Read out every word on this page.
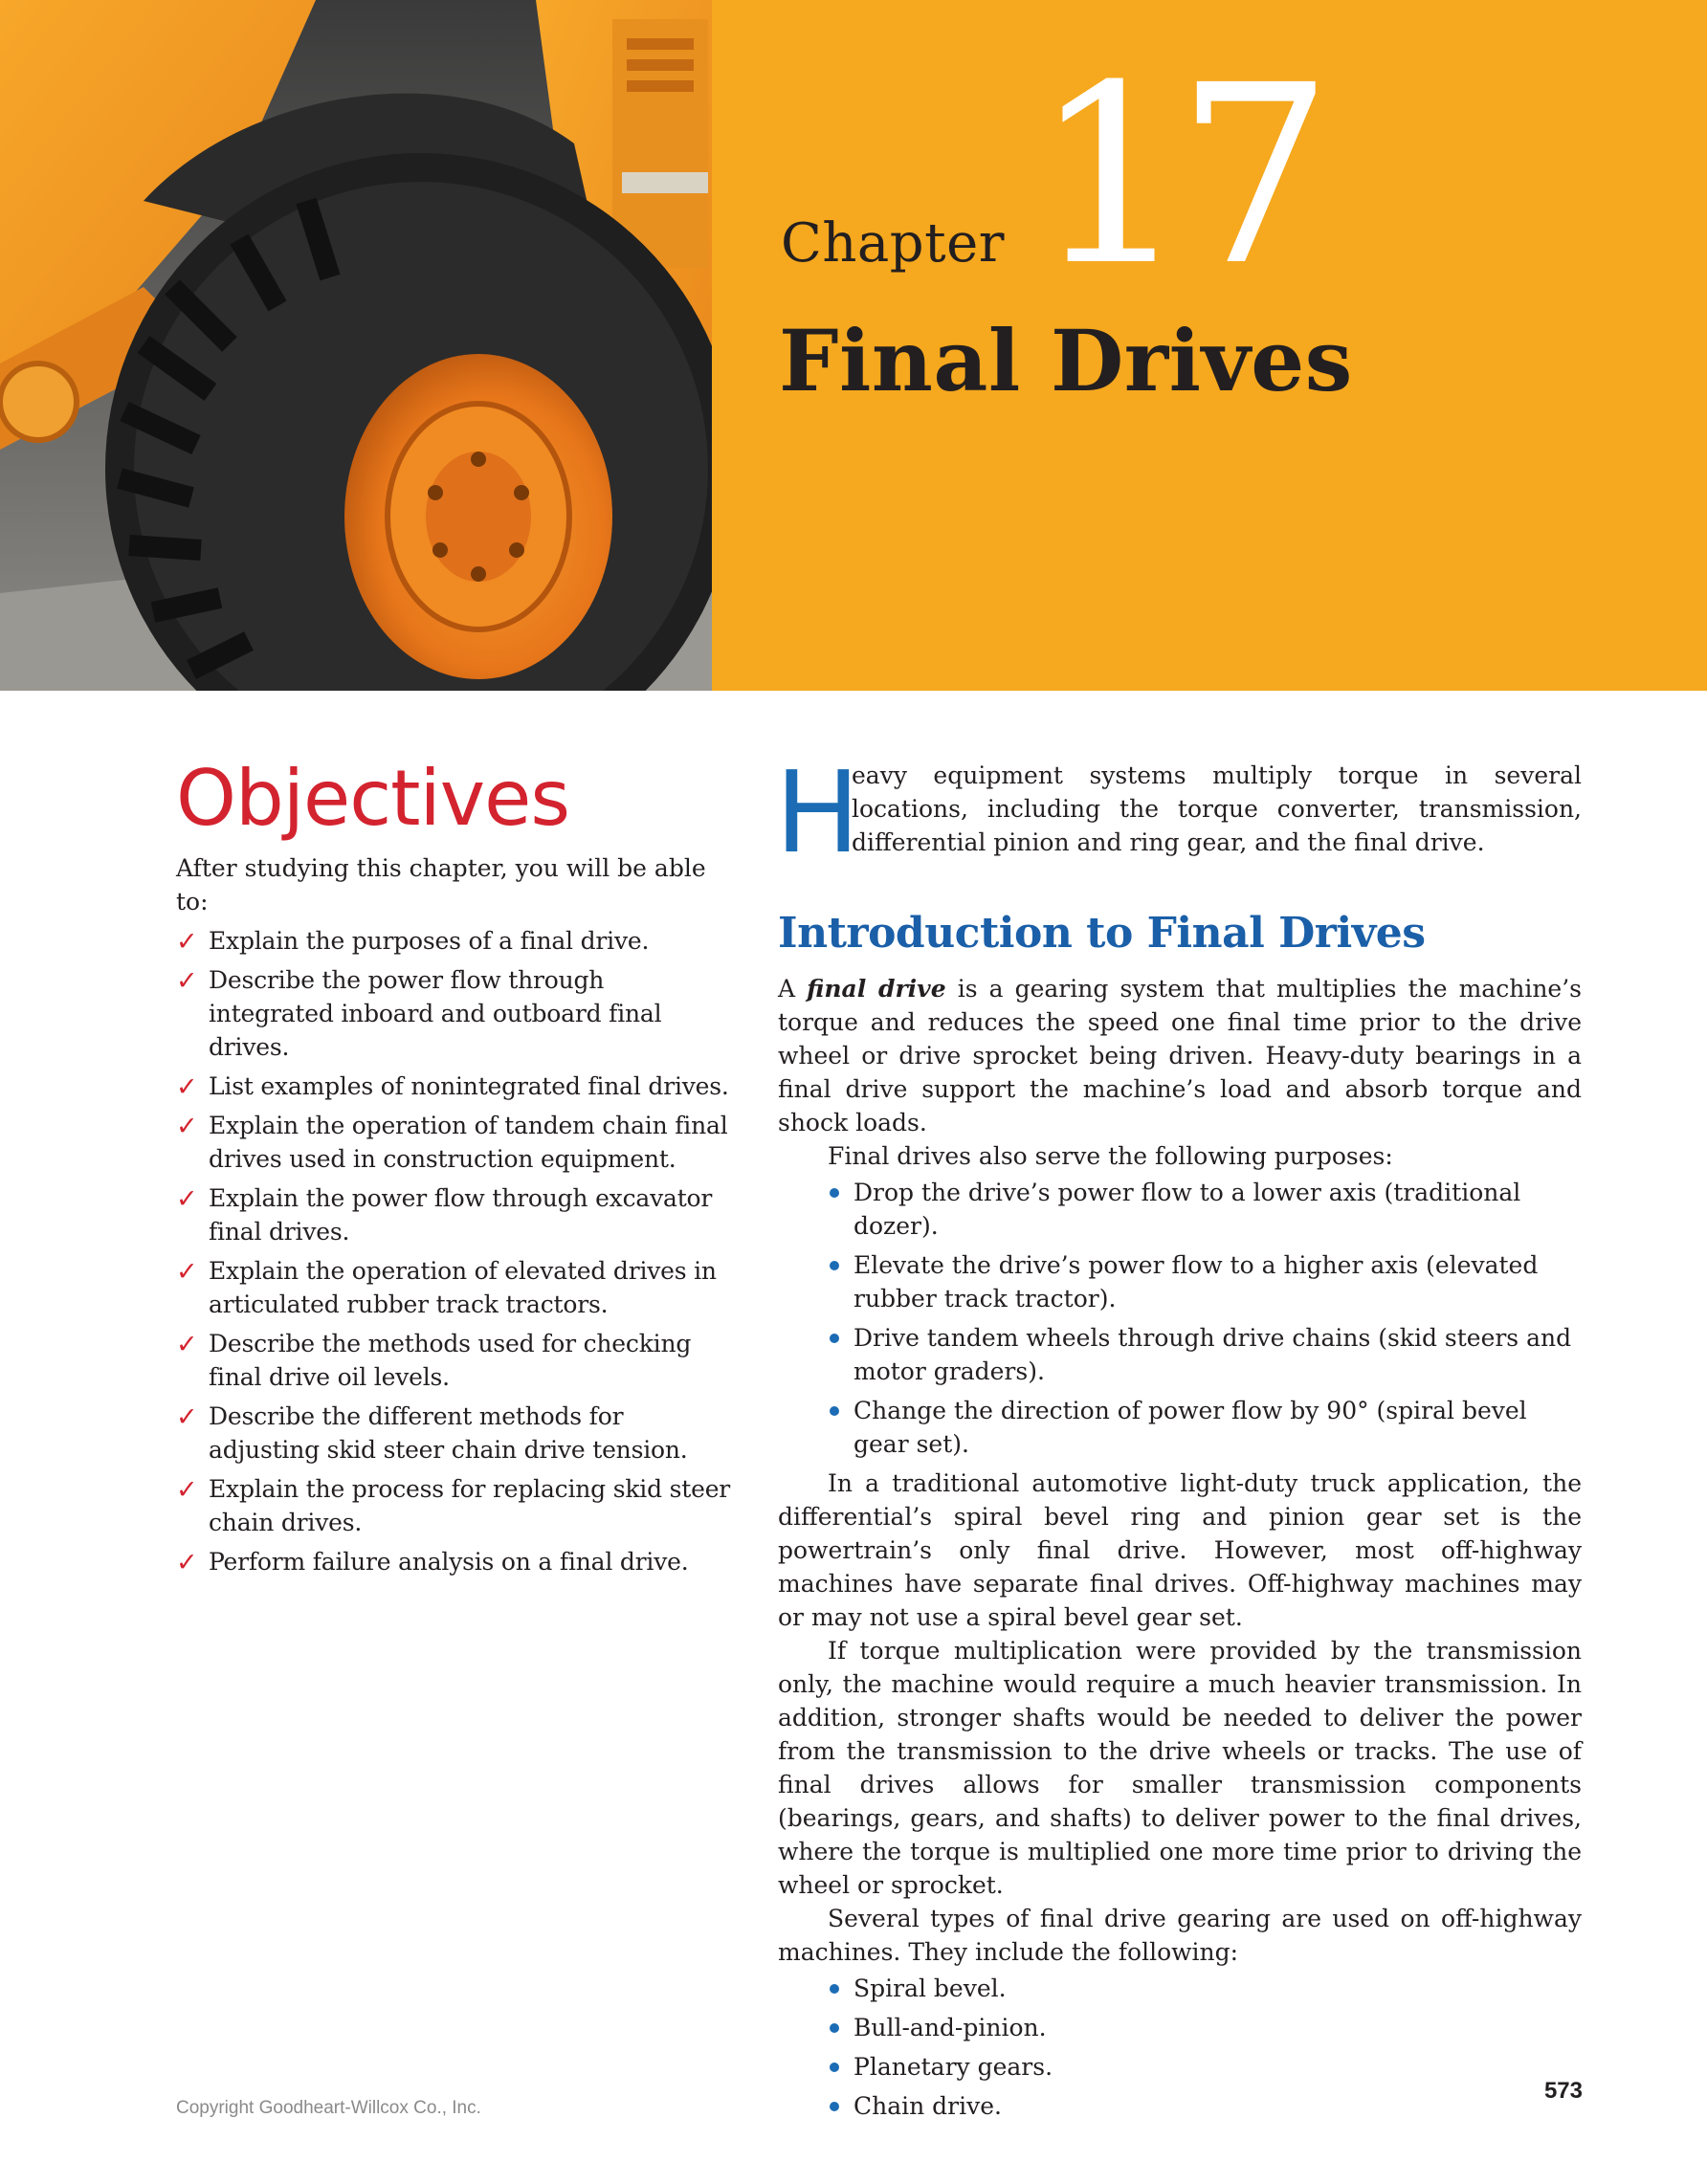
Chapter 17
Final Drives
Objectives

After studying this chapter, you will be able to:

✓ Explain the purposes of a final drive.
✓ Describe the power flow through integrated inboard and outboard final drives.
✓ List examples of nonintegrated final drives.
✓ Explain the operation of tandem chain final drives used in construction equipment.
✓ Explain the power flow through excavator final drives.
✓ Explain the operation of elevated drives in articulated rubber track tractors.
✓ Describe the methods used for checking final drive oil levels.
✓ Describe the different methods for adjusting skid steer chain drive tension.
✓ Explain the process for replacing skid steer chain drives.
✓ Perform failure analysis on a final drive.

H
eavy equipment systems multiply torque in several locations, including the torque converter, transmission, differential pinion and ring gear, and the final drive.

Introduction to Final Drives

A final drive is a gearing system that multiplies the machine’s torque and reduces the speed one final time prior to the drive wheel or drive sprocket being driven. Heavy-duty bearings in a final drive support the machine’s load and absorb torque and shock loads.

Final drives also serve the following purposes:

Drop the drive’s power flow to a lower axis (traditional dozer).
Elevate the drive’s power flow to a higher axis (elevated rubber track tractor).
Drive tandem wheels through drive chains (skid steers and motor graders).
Change the direction of power flow by 90° (spiral bevel gear set).

In a traditional automotive light-duty truck application, the differential’s spiral bevel ring and pinion gear set is the powertrain’s only final drive. However, most off-highway machines have separate final drives. Off-highway machines may or may not use a spiral bevel gear set.

If torque multiplication were provided by the transmission only, the machine would require a much heavier transmission. In addition, stronger shafts would be needed to deliver the power from the transmission to the drive wheels or tracks. The use of final drives allows for smaller transmission components (bearings, gears, and shafts) to deliver power to the final drives, where the torque is multiplied one more time prior to driving the wheel or sprocket.

Several types of final drive gearing are used on off-highway machines. They include the following:

Spiral bevel.
Bull-and-pinion.
Planetary gears.
Chain drive.
Copyright Goodheart-Willcox Co., Inc.
573
